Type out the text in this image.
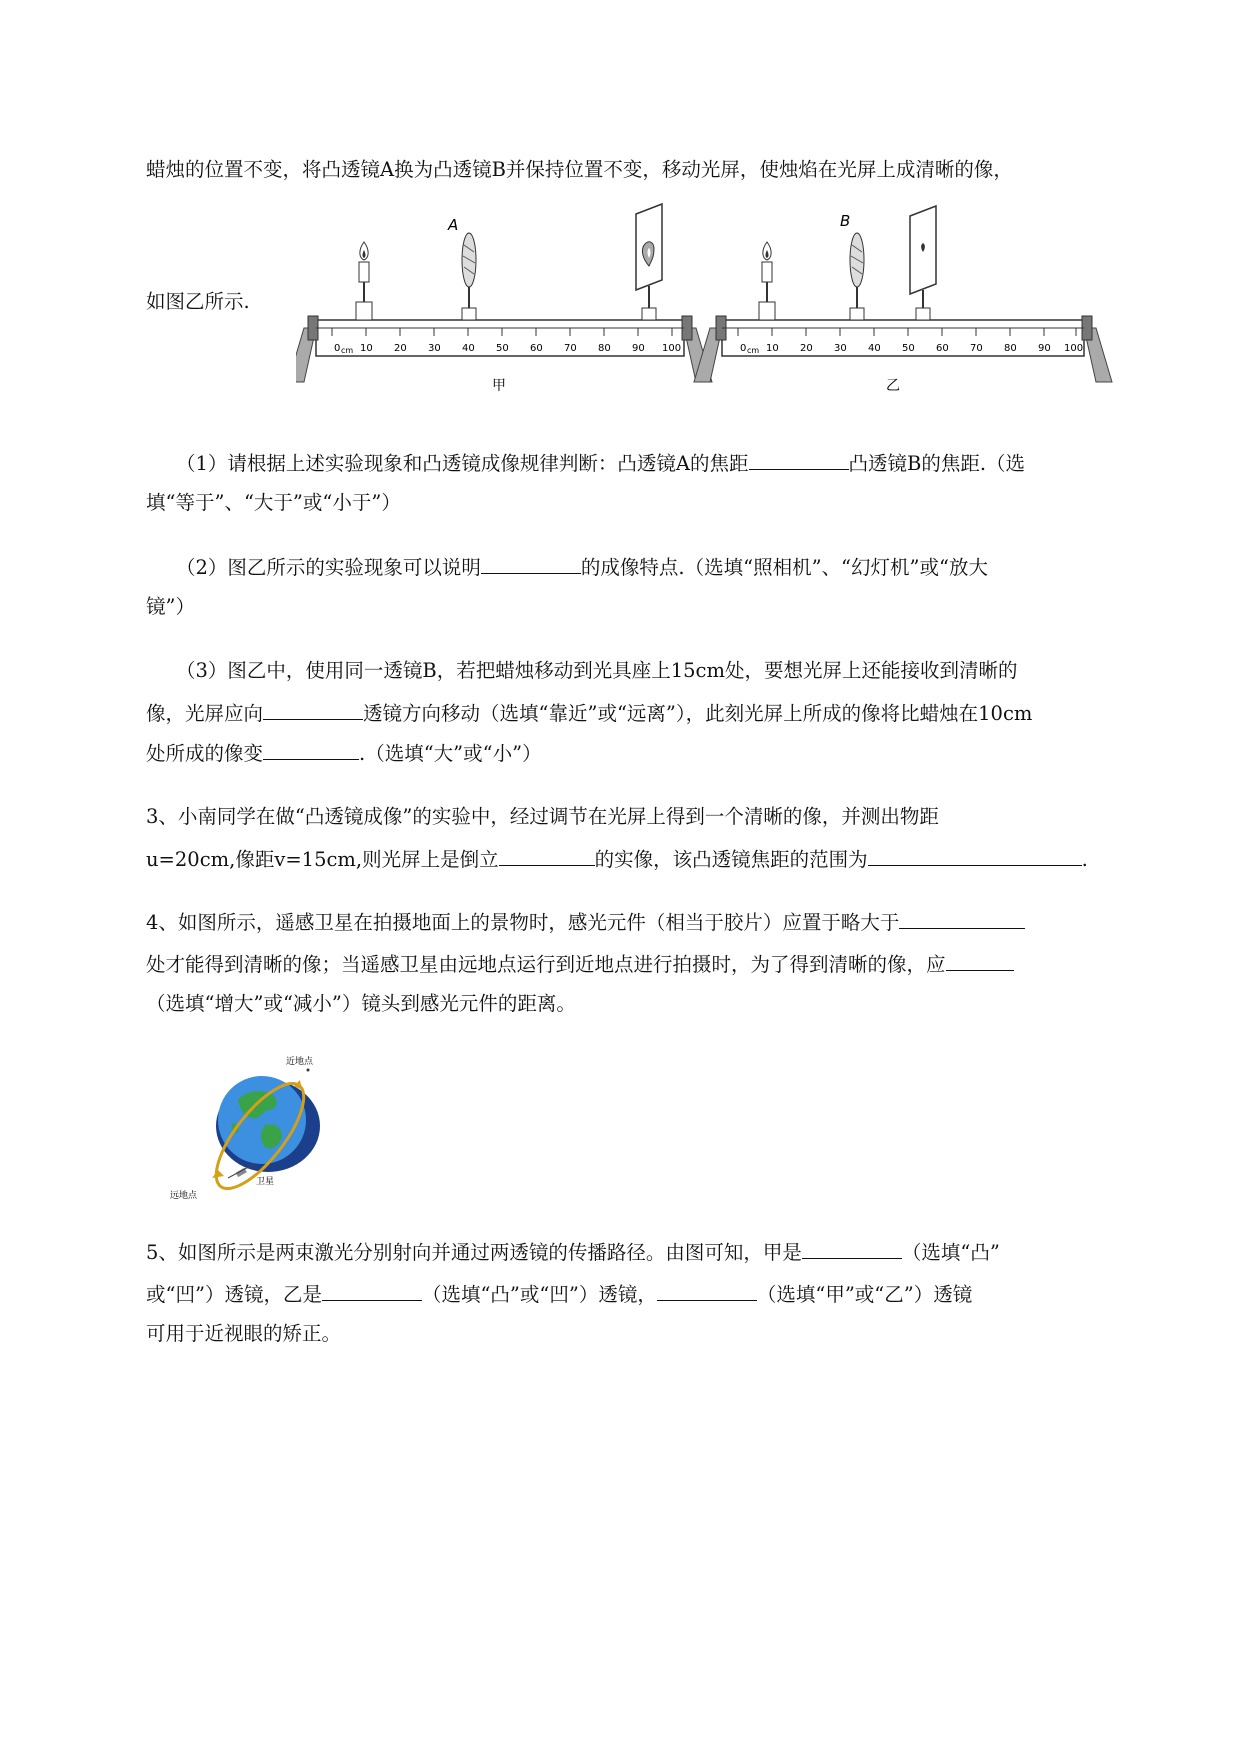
蜡烛的位置不变，将凸透镜A换为凸透镜B并保持位置不变，移动光屏，使烛焰在光屏上成清晰的像，
如图乙所示.
0 cm 10 20 30 40 50 60 70 80 90 100
A
甲
0 cm 10 20 30 40 50 60 70 80 90 100
B
乙
（1）请根据上述实验现象和凸透镜成像规律判断：凸透镜A的焦距	凸透镜B的焦距.（选
填“等于”、“大于”或“小于”）
（2）图乙所示的实验现象可以说明	的成像特点.（选填“照相机”、“幻灯机”或“放大
镜”）
（3）图乙中，使用同一透镜B，若把蜡烛移动到光具座上15cm处，要想光屏上还能接收到清晰的
像，光屏应向	透镜方向移动（选填“靠近”或“远离”），此刻光屏上所成的像将比蜡烛在10cm
处所成的像变	.（选填“大”或“小”）
3、小南同学在做“凸透镜成像”的实验中，经过调节在光屏上得到一个清晰的像，并测出物距
u=20cm,像距v=15cm,则光屏上是倒立	的实像，该凸透镜焦距的范围为	.
4、如图所示，遥感卫星在拍摄地面上的景物时，感光元件（相当于胶片）应置于略大于
处才能得到清晰的像；当遥感卫星由远地点运行到近地点进行拍摄时，为了得到清晰的像，应
（选填“增大”或“减小”）镜头到感光元件的距离。
近地点
卫星
远地点
5、如图所示是两束激光分别射向并通过两透镜的传播路径。由图可知，甲是	（选填“凸”
或“凹”）透镜，乙是	（选填“凸”或“凹”）透镜，	（选填“甲”或“乙”）透镜
可用于近视眼的矫正。
